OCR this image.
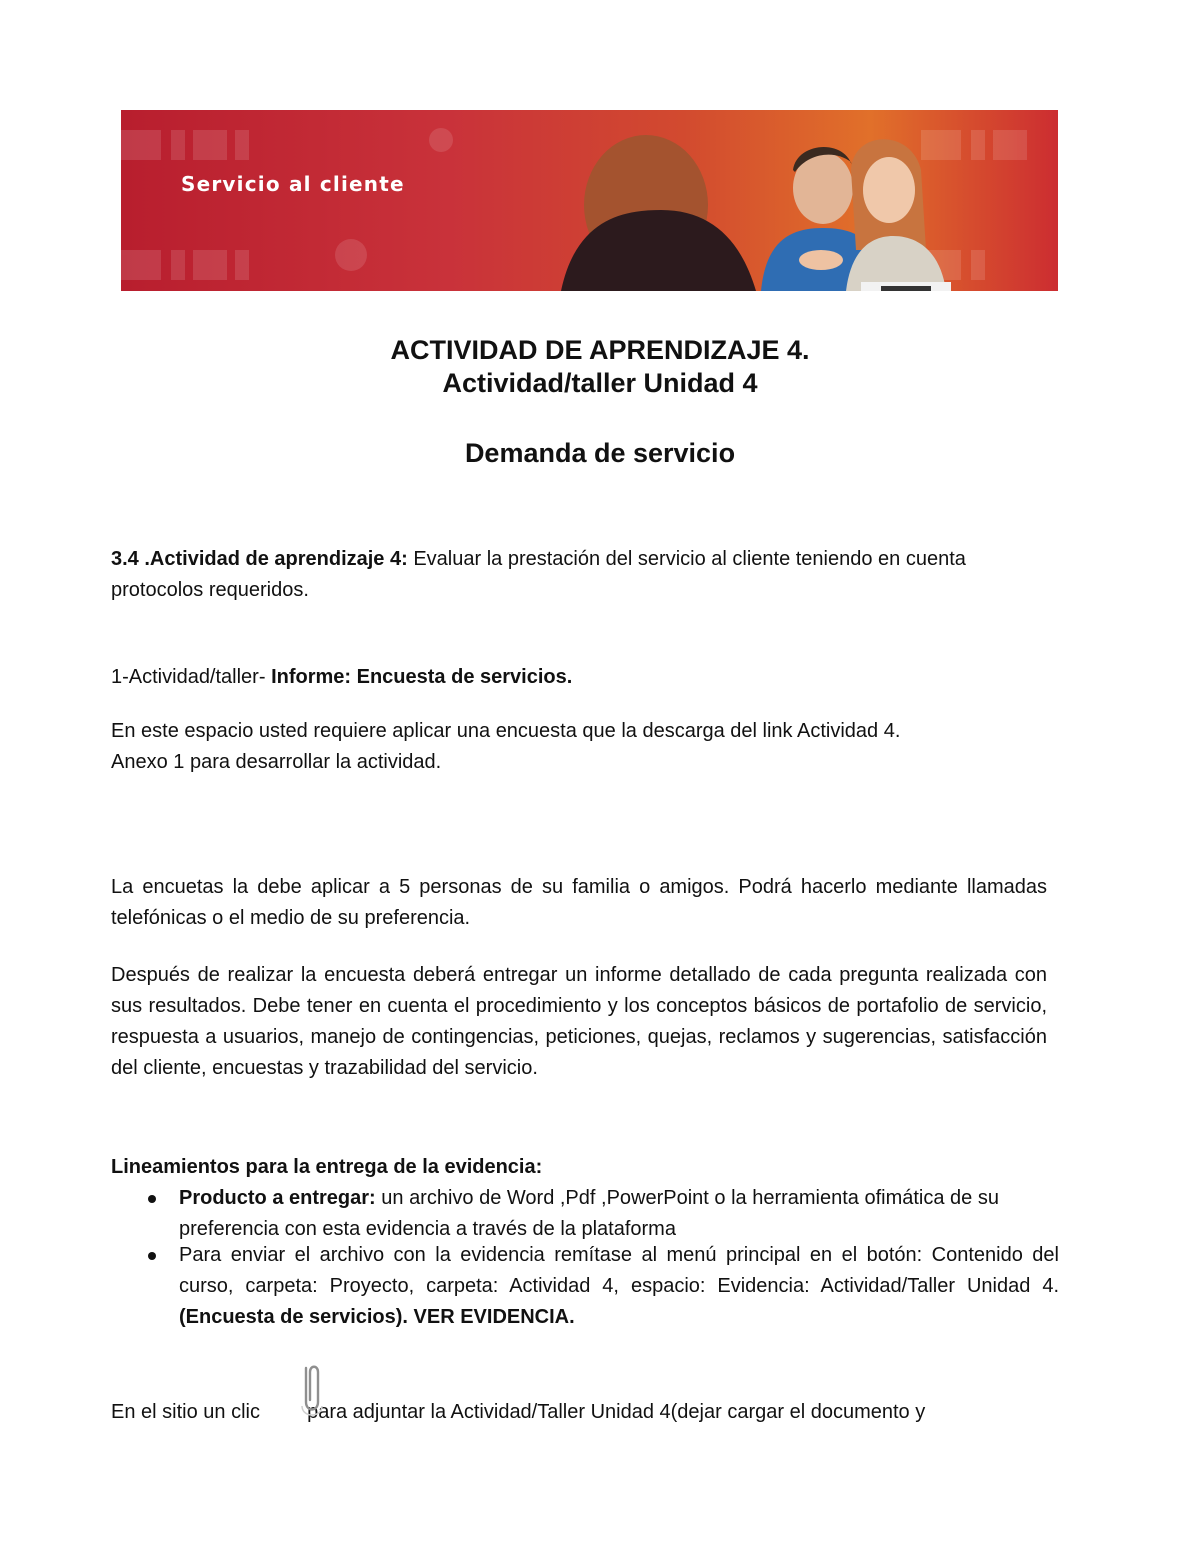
Servicio al cliente
ACTIVIDAD DE APRENDIZAJE 4.
Actividad/taller Unidad 4
Demanda de servicio
3.4 .Actividad de aprendizaje 4: Evaluar la prestación del servicio al cliente teniendo en cuenta protocolos requeridos.
1-Actividad/taller- Informe: Encuesta de servicios.
En este espacio usted requiere aplicar una encuesta que la descarga del link Actividad 4.
Anexo 1 para desarrollar la actividad.
La encuetas la debe aplicar a 5 personas de su familia o amigos. Podrá hacerlo mediante llamadas telefónicas o el medio de su preferencia.
Después de realizar la encuesta deberá entregar un informe detallado de cada pregunta realizada con sus resultados. Debe tener en cuenta el procedimiento y los conceptos básicos de portafolio de servicio, respuesta a usuarios, manejo de contingencias, peticiones, quejas, reclamos y sugerencias, satisfacción del cliente, encuestas y trazabilidad del servicio.
Lineamientos para la entrega de la evidencia:
Producto a entregar: un archivo de Word ,Pdf ,PowerPoint o la herramienta ofimática de su preferencia con esta evidencia a través de la plataforma
Para enviar el archivo con la evidencia remítase al menú principal en el botón: Contenido del curso, carpeta: Proyecto, carpeta: Actividad 4, espacio: Evidencia: Actividad/Taller Unidad 4. (Encuesta de servicios). VER EVIDENCIA.
En el sitio un clic para adjuntar la Actividad/Taller Unidad 4(dejar cargar el documento y
